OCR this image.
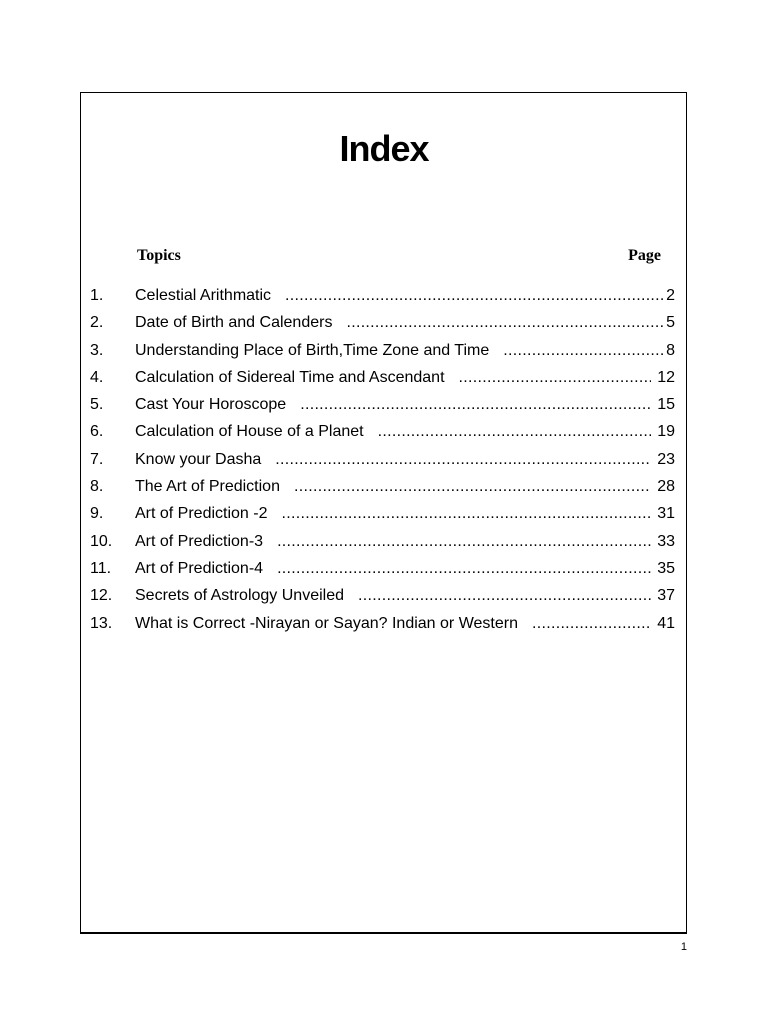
Index
Topics	Page
1.	Celestial Arithmatic .....	2
2.	Date of Birth and Calenders .....	5
3.	Understanding Place of Birth,Time Zone and Time .....	8
4.	Calculation of Sidereal Time and Ascendant .....	12
5.	Cast Your Horoscope .....	15
6.	Calculation of House of a Planet .....	19
7.	Know your Dasha .....	23
8.	The Art of Prediction .....	28
9.	Art of Prediction -2 .....	31
10.	Art of Prediction-3 .....	33
11.	Art of Prediction-4 .....	35
12.	Secrets of Astrology Unveiled .....	37
13.	What is Correct -Nirayan or Sayan? Indian or Western .....	41
1
